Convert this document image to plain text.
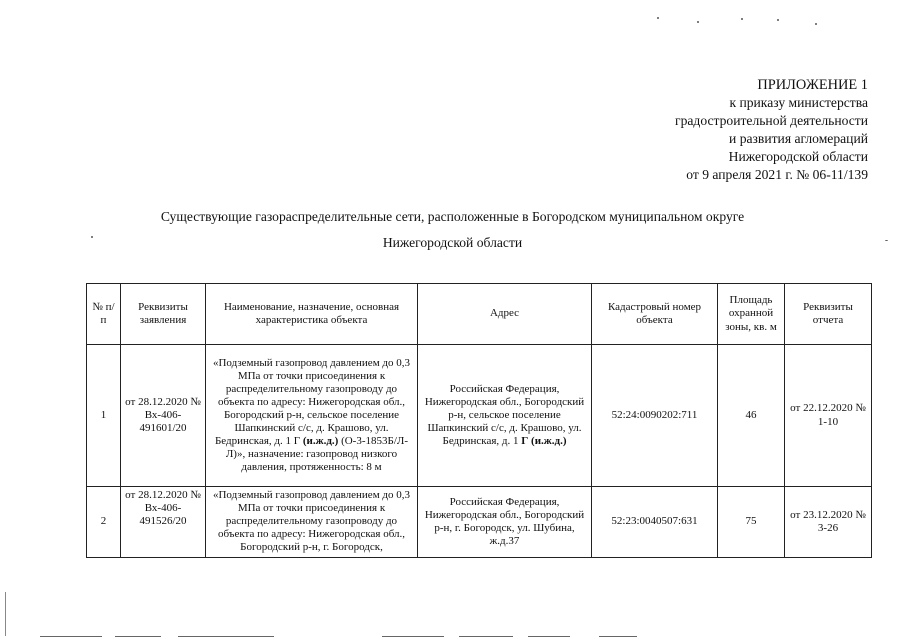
ПРИЛОЖЕНИЕ 1
к приказу министерства
градостроительной деятельности
и развития агломераций
Нижегородской области
от 9 апреля 2021 г. № 06-11/139
Существующие газораспределительные сети, расположенные в Богородском муниципальном округе
Нижегородской области
№ п/п	Реквизиты заявления	Наименование, назначение, основная характеристика объекта	Адрес	Кадастровый номер объекта	Площадь охранной зоны, кв. м	Реквизиты отчета
1	от 28.12.2020 № Вх-406-491601/20	«Подземный газопровод давлением до 0,3 МПа от точки присоединения к распределительному газопроводу до объекта по адресу: Нижегородская обл., Богородский р-н, сельское поселение Шапкинский с/с, д. Крашово, ул. Бедринская, д. 1 Г (и.ж.д.) (О-3-1853Б/Л-Л)», назначение: газопровод низкого давления, протяженность: 8 м	Российская Федерация, Нижегородская обл., Богородский р-н, сельское поселение Шапкинский с/с, д. Крашово, ул. Бедринская, д. 1 Г (и.ж.д.)	52:24:0090202:711	46	от 22.12.2020 № 1-10
2	от 28.12.2020 № Вх-406-491526/20	«Подземный газопровод давлением до 0,3 МПа от точки присоединения к распределительному газопроводу до объекта по адресу: Нижегородская обл., Богородский р-н, г. Богородск,	Российская Федерация, Нижегородская обл., Богородский р-н, г. Богородск, ул. Шубина, ж.д.37	52:23:0040507:631	75	от 23.12.2020 № 3-26
